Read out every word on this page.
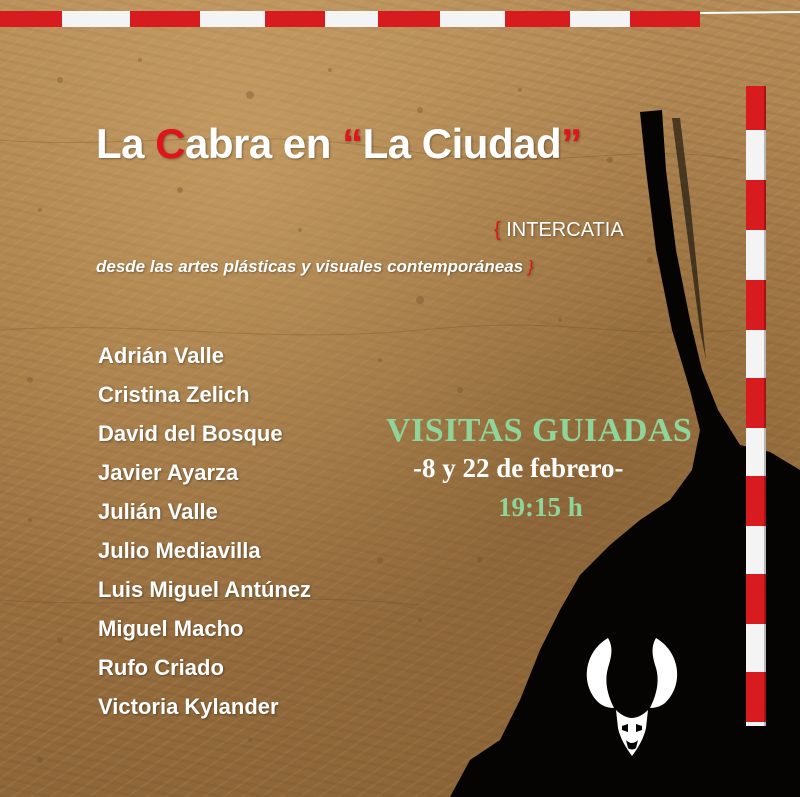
La Cabra en “La Ciudad”
{ INTERCATIA
desde las artes plásticas y visuales contemporáneas }
Adrián Valle
Cristina Zelich
David del Bosque
Javier Ayarza
Julián Valle
Julio Mediavilla
Luis Miguel Antúnez
Miguel Macho
Rufo Criado
Victoria Kylander
VISITAS GUIADAS
-8 y 22 de febrero-
19:15 h
